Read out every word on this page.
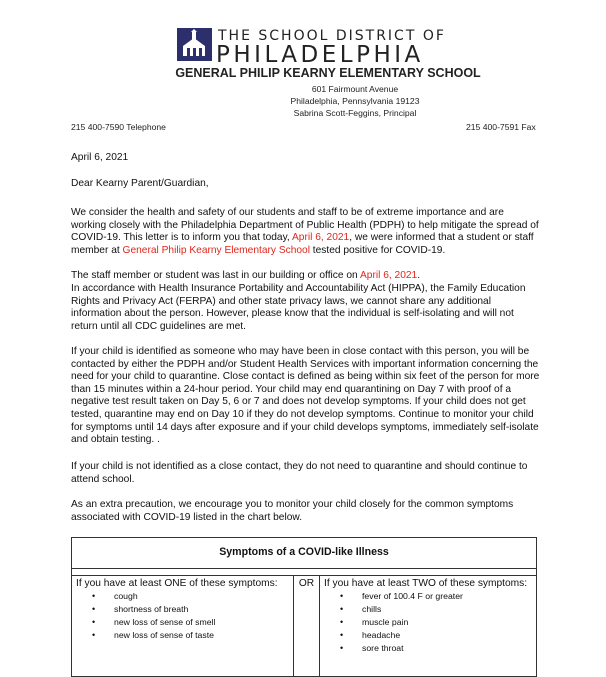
THE SCHOOL DISTRICT OF
PHILADELPHIA
GENERAL PHILIP KEARNY ELEMENTARY SCHOOL
601 Fairmount Avenue
Philadelphia, Pennsylvania 19123
Sabrina Scott-Feggins, Principal
215 400-7590 Telephone	215 400-7591 Fax
April 6, 2021
Dear Kearny Parent/Guardian,
We consider the health and safety of our students and staff to be of extreme importance and are working closely with the Philadelphia Department of Public Health (PDPH) to help mitigate the spread of COVID-19. This letter is to inform you that today, April 6, 2021, we were informed that a student or staff member at General Philip Kearny Elementary School tested positive for COVID-19.
The staff member or student was last in our building or office on April 6, 2021.
In accordance with Health Insurance Portability and Accountability Act (HIPPA), the Family Education Rights and Privacy Act (FERPA) and other state privacy laws, we cannot share any additional information about the person. However, please know that the individual is self-isolating and will not return until all CDC guidelines are met.
If your child is identified as someone who may have been in close contact with this person, you will be contacted by either the PDPH and/or Student Health Services with important information concerning the need for your child to quarantine. Close contact is defined as being within six feet of the person for more than 15 minutes within a 24-hour period. Your child may end quarantining on Day 7 with proof of a negative test result taken on Day 5, 6 or 7 and does not develop symptoms. If your child does not get tested, quarantine may end on Day 10 if they do not develop symptoms. Continue to monitor your child for symptoms until 14 days after exposure and if your child develops symptoms, immediately self-isolate and obtain testing. .
If your child is not identified as a close contact, they do not need to quarantine and should continue to attend school.
As an extra precaution, we encourage you to monitor your child closely for the common symptoms associated with COVID-19 listed in the chart below.
Symptoms of a COVID-like Illness
If you have at least ONE of these symptoms:
• cough
• shortness of breath
• new loss of sense of smell
• new loss of sense of taste
OR If you have at least TWO of these symptoms:
• fever of 100.4 F or greater
• chills
• muscle pain
• headache
• sore throat
